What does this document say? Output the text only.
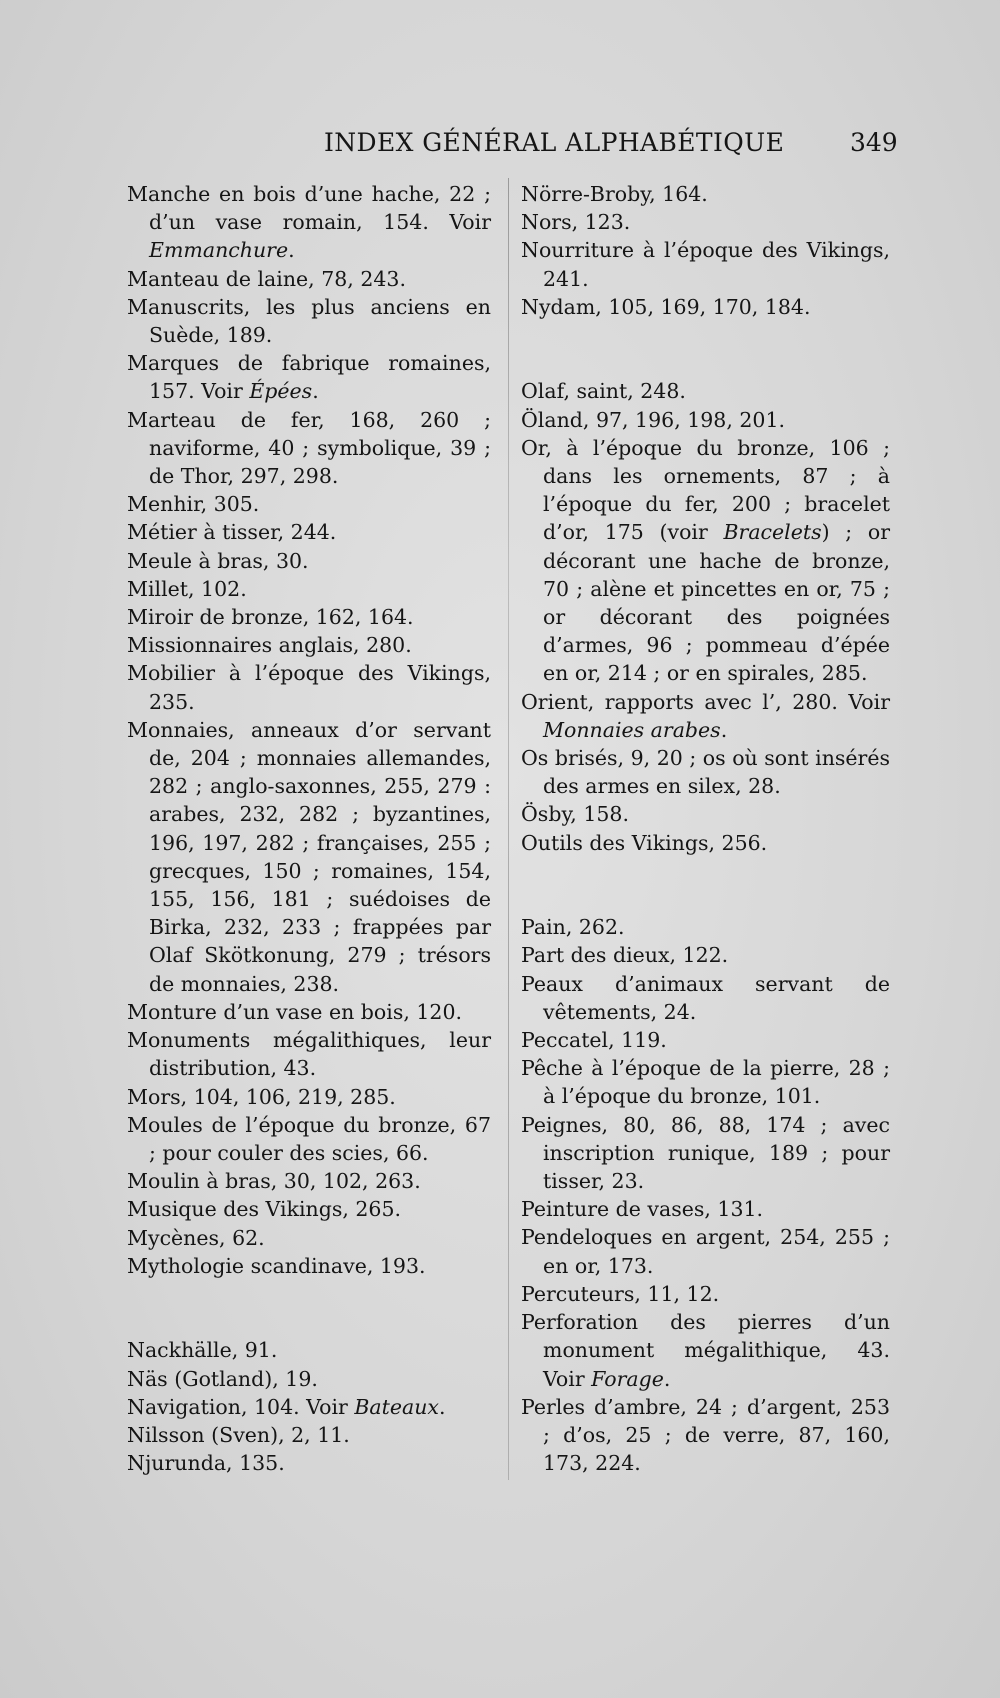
INDEX GÉNÉRAL ALPHABÉTIQUE	349
Manche en bois d’une hache, 22 ; d’un vase romain, 154. Voir Emmanchure.
Manteau de laine, 78, 243.
Manuscrits, les plus anciens en Suède, 189.
Marques de fabrique romaines, 157. Voir Épées.
Marteau de fer, 168, 260 ; naviforme, 40 ; symbolique, 39 ; de Thor, 297, 298.
Menhir, 305.
Métier à tisser, 244.
Meule à bras, 30.
Millet, 102.
Miroir de bronze, 162, 164.
Missionnaires anglais, 280.
Mobilier à l’époque des Vikings, 235.
Monnaies, anneaux d’or servant de, 204 ; monnaies allemandes, 282 ; anglo-saxonnes, 255, 279 : arabes, 232, 282 ; byzantines, 196, 197, 282 ; françaises, 255 ; grecques, 150 ; romaines, 154, 155, 156, 181 ; suédoises de Birka, 232, 233 ; frappées par Olaf Skötkonung, 279 ; trésors de monnaies, 238.
Monture d’un vase en bois, 120.
Monuments mégalithiques, leur distribution, 43.
Mors, 104, 106, 219, 285.
Moules de l’époque du bronze, 67 ; pour couler des scies, 66.
Moulin à bras, 30, 102, 263.
Musique des Vikings, 265.
Mycènes, 62.
Mythologie scandinave, 193.
Nackhälle, 91.
Näs (Gotland), 19.
Navigation, 104. Voir Bateaux.
Nilsson (Sven), 2, 11.
Njurunda, 135.
Nörre-Broby, 164.
Nors, 123.
Nourriture à l’époque des Vikings, 241.
Nydam, 105, 169, 170, 184.
Olaf, saint, 248.
Öland, 97, 196, 198, 201.
Or, à l’époque du bronze, 106 ; dans les ornements, 87 ; à l’époque du fer, 200 ; bracelet d’or, 175 (voir Bracelets) ; or décorant une hache de bronze, 70 ; alène et pincettes en or, 75 ; or décorant des poignées d’armes, 96 ; pommeau d’épée en or, 214 ; or en spirales, 285.
Orient, rapports avec l’, 280. Voir Monnaies arabes.
Os brisés, 9, 20 ; os où sont insérés des armes en silex, 28.
Ösby, 158.
Outils des Vikings, 256.
Pain, 262.
Part des dieux, 122.
Peaux d’animaux servant de vêtements, 24.
Peccatel, 119.
Pêche à l’époque de la pierre, 28 ; à l’époque du bronze, 101.
Peignes, 80, 86, 88, 174 ; avec inscription runique, 189 ; pour tisser, 23.
Peinture de vases, 131.
Pendeloques en argent, 254, 255 ; en or, 173.
Percuteurs, 11, 12.
Perforation des pierres d’un monument mégalithique, 43. Voir Forage.
Perles d’ambre, 24 ; d’argent, 253 ; d’os, 25 ; de verre, 87, 160, 173, 224.
